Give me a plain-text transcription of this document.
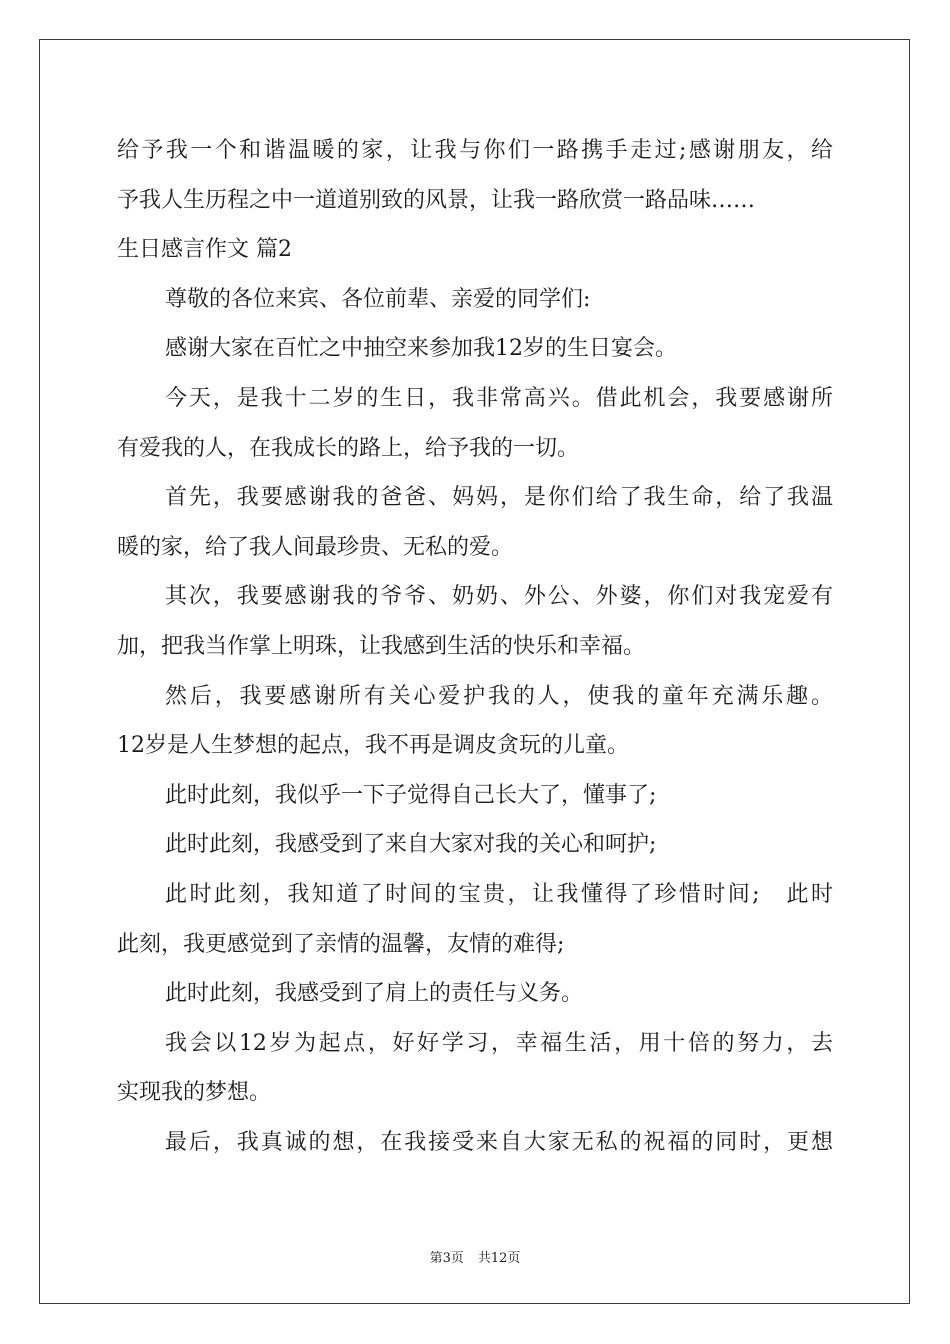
给予我一个和谐温暖的家，让我与你们一路携手走过;感谢朋友，给
予我人生历程之中一道道别致的风景，让我一路欣赏一路品味……
生日感言作文 篇2
尊敬的各位来宾、各位前辈、亲爱的同学们:
感谢大家在百忙之中抽空来参加我12岁的生日宴会。
今天，是我十二岁的生日，我非常高兴。借此机会，我要感谢所
有爱我的人，在我成长的路上，给予我的一切。
首先，我要感谢我的爸爸、妈妈，是你们给了我生命，给了我温
暖的家，给了我人间最珍贵、无私的爱。
其次，我要感谢我的爷爷、奶奶、外公、外婆，你们对我宠爱有
加，把我当作掌上明珠，让我感到生活的快乐和幸福。
然后，我要感谢所有关心爱护我的人，使我的童年充满乐趣。
12岁是人生梦想的起点，我不再是调皮贪玩的儿童。
此时此刻，我似乎一下子觉得自己长大了，懂事了;
此时此刻，我感受到了来自大家对我的关心和呵护;
此时此刻，我知道了时间的宝贵，让我懂得了珍惜时间;　此时
此刻，我更感觉到了亲情的温馨，友情的难得;
此时此刻，我感受到了肩上的责任与义务。
我会以12岁为起点，好好学习，幸福生活，用十倍的努力，去
实现我的梦想。
最后，我真诚的想，在我接受来自大家无私的祝福的同时，更想
第3页 共12页
